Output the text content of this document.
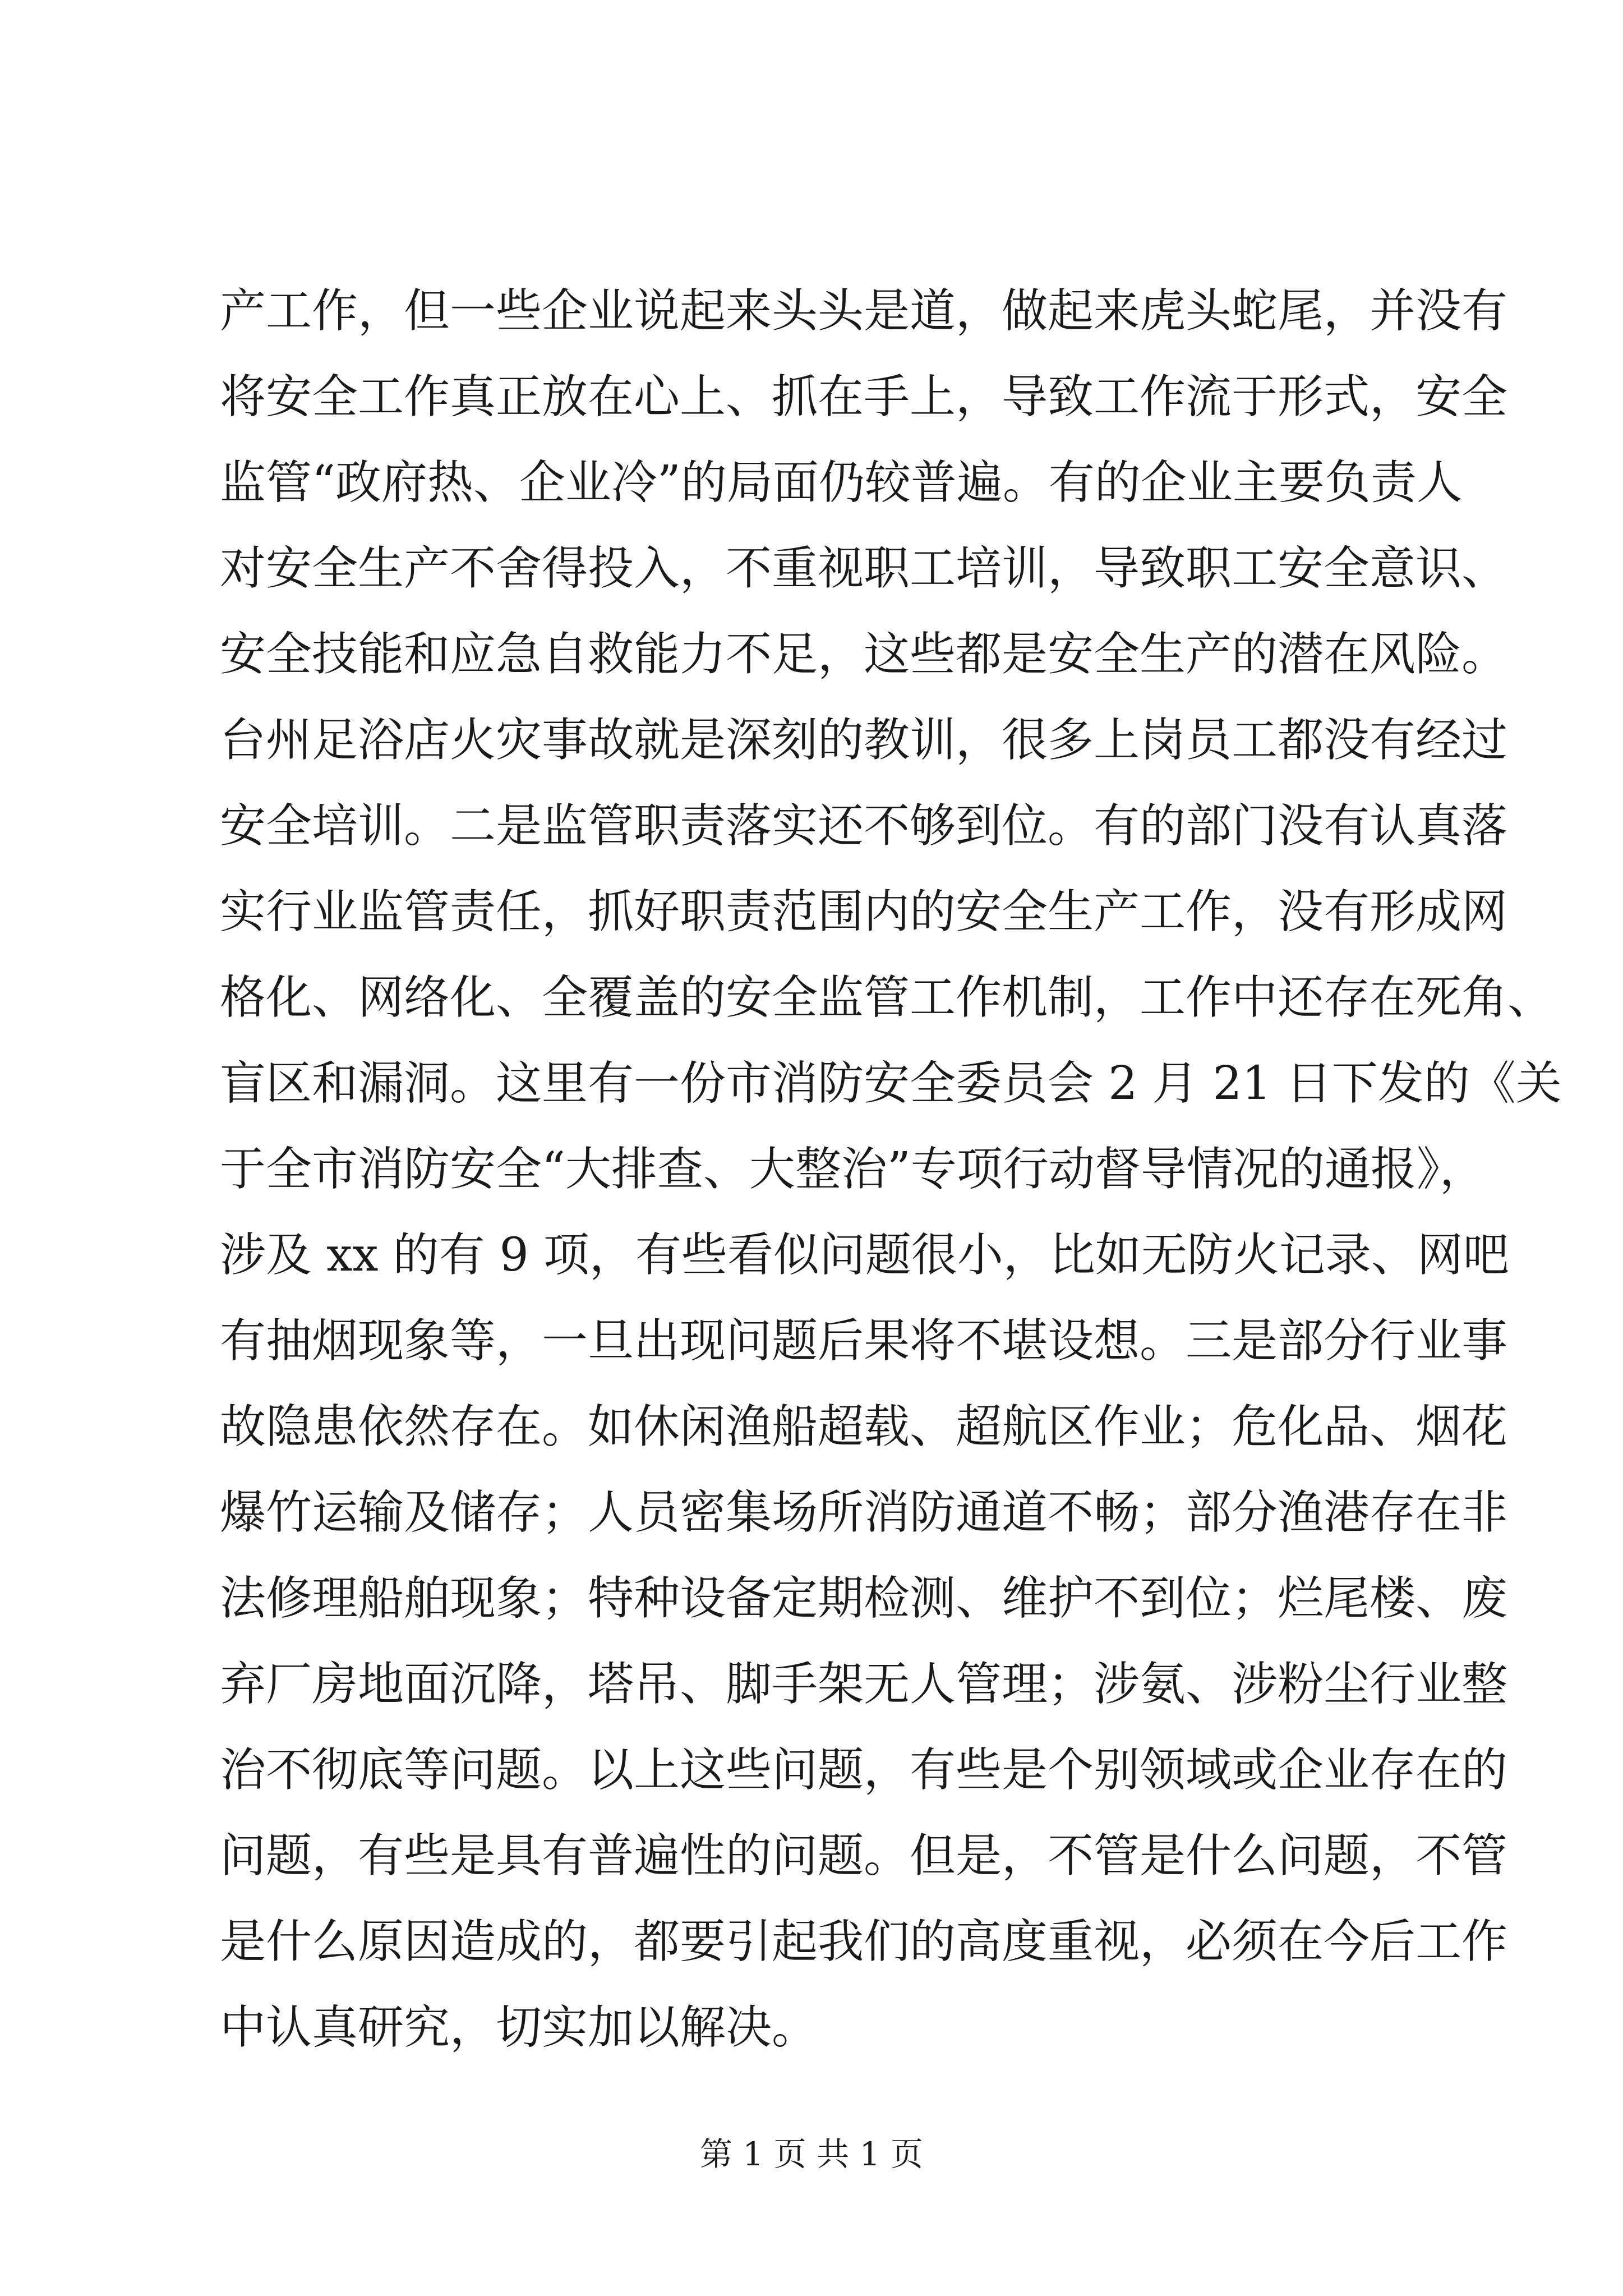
产工作，但一些企业说起来头头是道，做起来虎头蛇尾，并没有
将安全工作真正放在心上、抓在手上，导致工作流于形式，安全
监管“政府热、企业冷”的局面仍较普遍。有的企业主要负责人
对安全生产不舍得投入，不重视职工培训，导致职工安全意识、
安全技能和应急自救能力不足，这些都是安全生产的潜在风险。
台州足浴店火灾事故就是深刻的教训，很多上岗员工都没有经过
安全培训。二是监管职责落实还不够到位。有的部门没有认真落
实行业监管责任，抓好职责范围内的安全生产工作，没有形成网
格化、网络化、全覆盖的安全监管工作机制，工作中还存在死角、
盲区和漏洞。这里有一份市消防安全委员会 2 月 21 日下发的《关
于全市消防安全“大排查、大整治”专项行动督导情况的通报》，
涉及 xx 的有 9 项，有些看似问题很小，比如无防火记录、网吧
有抽烟现象等，一旦出现问题后果将不堪设想。三是部分行业事
故隐患依然存在。如休闲渔船超载、超航区作业；危化品、烟花
爆竹运输及储存；人员密集场所消防通道不畅；部分渔港存在非
法修理船舶现象；特种设备定期检测、维护不到位；烂尾楼、废
弃厂房地面沉降，塔吊、脚手架无人管理；涉氨、涉粉尘行业整
治不彻底等问题。以上这些问题，有些是个别领域或企业存在的
问题，有些是具有普遍性的问题。但是，不管是什么问题，不管
是什么原因造成的，都要引起我们的高度重视，必须在今后工作
中认真研究，切实加以解决。
第 1 页 共 1 页
